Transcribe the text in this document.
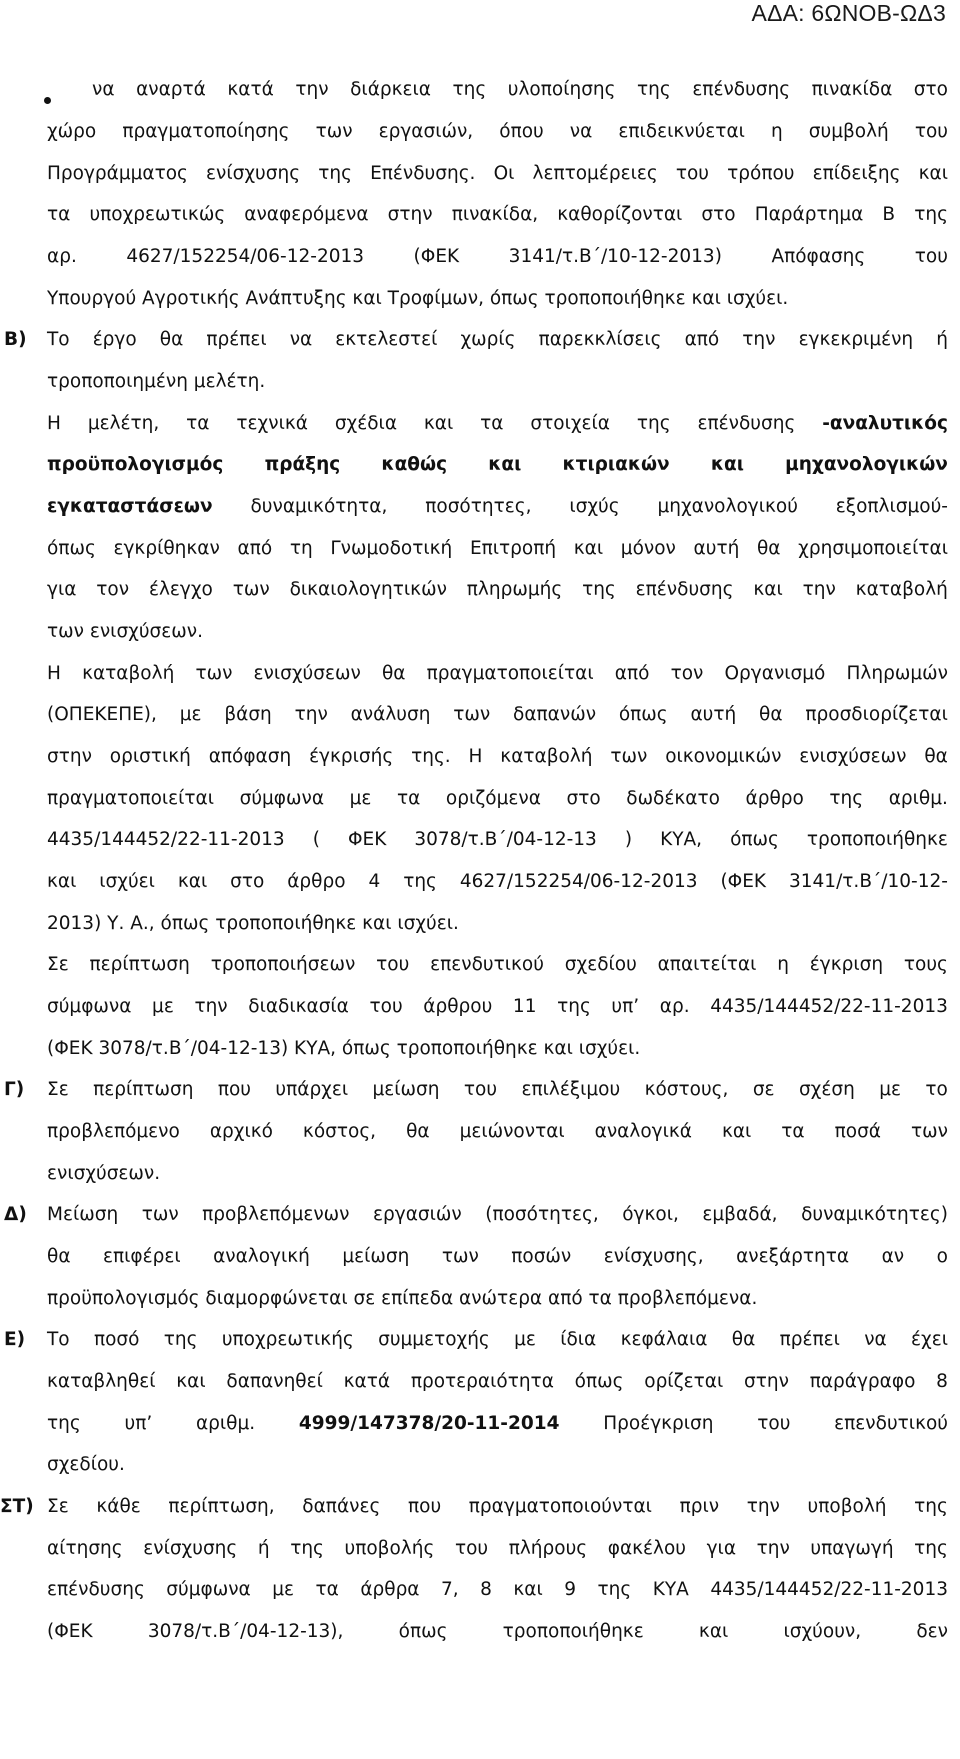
ΑΔΑ: 6ΩΝΟΒ-ΩΔ3
να αναρτά κατά την διάρκεια της υλοποίησης της επένδυσης πινακίδα στο
χώρο πραγματοποίησης των εργασιών, όπου να επιδεικνύεται η συμβολή του
Προγράμματος ενίσχυσης της Επένδυσης. Οι λεπτομέρειες του τρόπου επίδειξης και
τα υποχρεωτικώς αναφερόμενα στην πινακίδα, καθορίζονται στο Παράρτημα Β της
αρ.	4627/152254/06-12-2013	(ΦΕΚ	3141/τ.Β΄/10-12-2013)	Απόφασης	του
Υπουργού Αγροτικής Ανάπτυξης και Τροφίμων, όπως τροποποιήθηκε και ισχύει.
Β) Το έργο θα πρέπει να εκτελεστεί χωρίς παρεκκλίσεις από την εγκεκριμένη ή
τροποποιημένη μελέτη.
Η μελέτη, τα τεχνικά σχέδια και τα στοιχεία της επένδυσης -αναλυτικός
προϋπολογισμός πράξης καθώς και κτιριακών και μηχανολογικών
εγκαταστάσεων δυναμικότητα, ποσότητες, ισχύς μηχανολογικού εξοπλισμού-
όπως εγκρίθηκαν από τη Γνωμοδοτική Επιτροπή και μόνον αυτή θα χρησιμοποιείται
για τον έλεγχο των δικαιολογητικών πληρωμής της επένδυσης και την καταβολή
των ενισχύσεων.
Η καταβολή των ενισχύσεων θα πραγματοποιείται από τον Οργανισμό Πληρωμών
(ΟΠΕΚΕΠΕ), με βάση την ανάλυση των δαπανών όπως αυτή θα προσδιορίζεται
στην οριστική απόφαση έγκρισής της. Η καταβολή των οικονομικών ενισχύσεων θα
πραγματοποιείται σύμφωνα με τα οριζόμενα στο δωδέκατο άρθρο της αριθμ.
4435/144452/22-11-2013 ( ΦΕΚ 3078/τ.Β΄/04-12-13 ) ΚΥΑ, όπως τροποποιήθηκε
και ισχύει και στο άρθρο 4 της 4627/152254/06-12-2013 (ΦΕΚ 3141/τ.Β΄/10-12-
2013) Υ. Α., όπως τροποποιήθηκε και ισχύει.
Σε περίπτωση τροποποιήσεων του επενδυτικού σχεδίου απαιτείται η έγκριση τους
σύμφωνα με την διαδικασία του άρθρου 11 της υπ’ αρ. 4435/144452/22-11-2013
(ΦΕΚ 3078/τ.Β΄/04-12-13) ΚΥΑ, όπως τροποποιήθηκε και ισχύει.
Γ) Σε περίπτωση που υπάρχει μείωση του επιλέξιμου κόστους, σε σχέση με το
προβλεπόμενο αρχικό κόστος, θα μειώνονται αναλογικά και τα ποσά των
ενισχύσεων.
Δ) Μείωση των προβλεπόμενων εργασιών (ποσότητες, όγκοι, εμβαδά, δυναμικότητες)
θα επιφέρει αναλογική μείωση των ποσών ενίσχυσης, ανεξάρτητα αν ο
προϋπολογισμός διαμορφώνεται σε επίπεδα ανώτερα από τα προβλεπόμενα.
Ε) Το ποσό της υποχρεωτικής συμμετοχής με ίδια κεφάλαια θα πρέπει να έχει
καταβληθεί και δαπανηθεί κατά προτεραιότητα όπως ορίζεται στην παράγραφο 8
της υπ’ αριθμ. 4999/147378/20-11-2014 Προέγκριση του επενδυτικού
σχεδίου.
ΣΤ) Σε κάθε περίπτωση, δαπάνες που πραγματοποιούνται πριν την υποβολή της
αίτησης ενίσχυσης ή της υποβολής του πλήρους φακέλου για την υπαγωγή της
επένδυσης σύμφωνα με τα άρθρα 7, 8 και 9 της ΚΥΑ 4435/144452/22-11-2013
(ΦΕΚ	3078/τ.Β΄/04-12-13),	όπως	τροποποιήθηκε	και	ισχύουν,	δεν
